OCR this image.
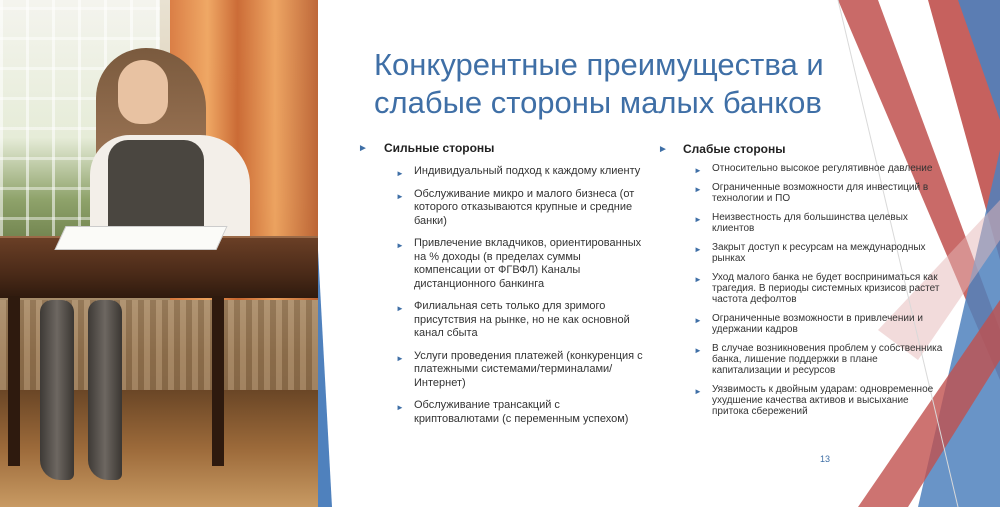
Конкурентные преимущества и слабые стороны малых банков
► Сильные стороны
► Индивидуальный подход к каждому клиенту
► Обслуживание микро и малого бизнеса (от которого отказываются крупные и средние банки)
► Привлечение вкладчиков, ориентированных на % доходы (в пределах суммы компенсации от ФГВФЛ) Каналы дистанционного банкинга
► Филиальная сеть только для зримого присутствия на рынке, но не как основной канал сбыта
► Услуги проведения платежей (конкуренция с платежными системами/терминалами/Интернет)
► Обслуживание трансакций с криптовалютами (с переменным успехом)
► Слабые стороны
► Относительно высокое регулятивное давление
► Ограниченные возможности для инвестиций в технологии и ПО
► Неизвестность для большинства целевых клиентов
► Закрыт доступ к ресурсам на международных рынках
► Уход малого банка не будет восприниматься как трагедия. В периоды системных кризисов растет частота дефолтов
► Ограниченные возможности в привлечении и удержании кадров
► В случае возникновения проблем у собственника банка, лишение поддержки в плане капитализации и ресурсов
► Уязвимость к двойным ударам: одновременное ухудшение качества активов и высыхание притока сбережений
13
